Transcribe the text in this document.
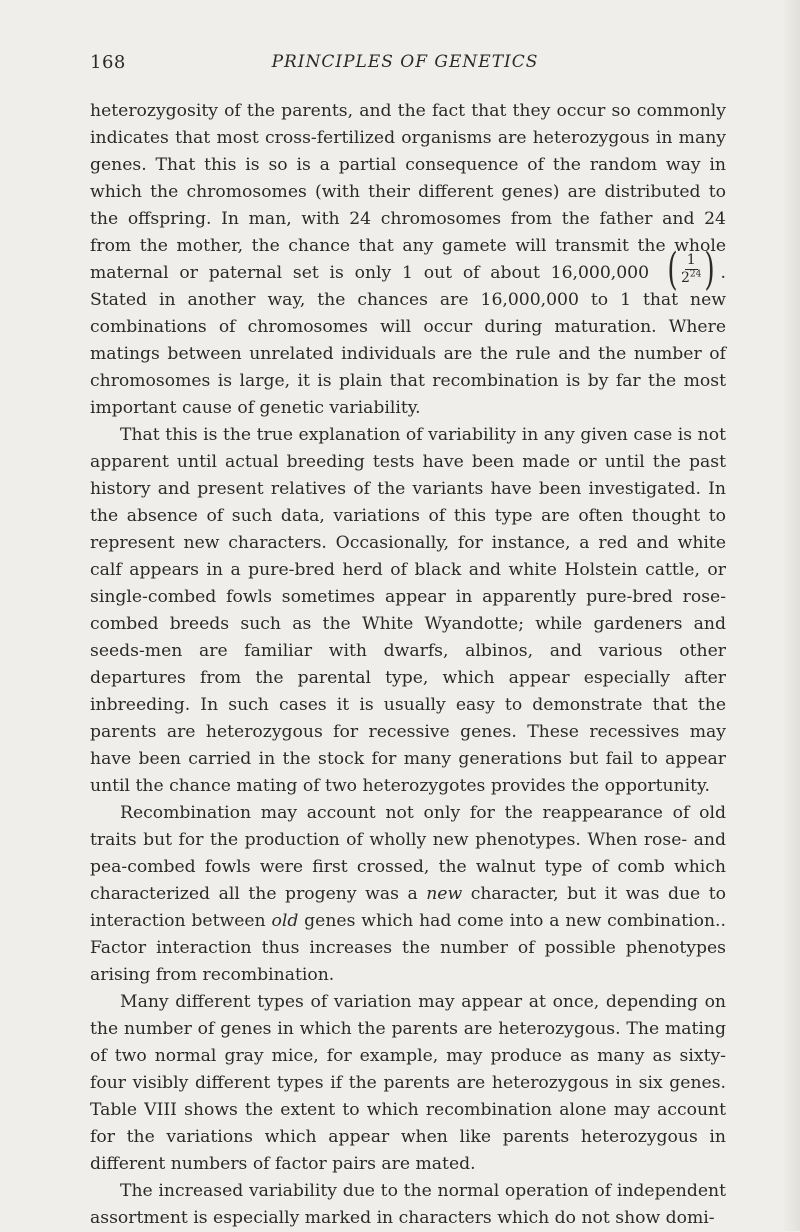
168	PRINCIPLES OF GENETICS

heterozygosity of the parents, and the fact that they occur so commonly indicates that most cross-fertilized organisms are heterozygous in many genes. That this is so is a partial consequence of the random way in which the chromosomes (with their different genes) are distributed to the offspring. In man, with 24 chromosomes from the father and 24 from the mother, the chance that any gamete will transmit the whole maternal or paternal set is only 1 out of about 16,000,000 ( $\frac{1}{2^{24}}$ ) . Stated in another way, the chances are 16,000,000 to 1 that new combinations of chromosomes will occur during maturation. Where matings between unrelated individuals are the rule and the number of chromosomes is large, it is plain that recombination is by far the most important cause of genetic variability.

That this is the true explanation of variability in any given case is not apparent until actual breeding tests have been made or until the past history and present relatives of the variants have been investigated. In the absence of such data, variations of this type are often thought to represent new characters. Occasionally, for instance, a red and white calf appears in a pure-bred herd of black and white Holstein cattle, or single-combed fowls sometimes appear in apparently pure-bred rose-combed breeds such as the White Wyandotte; while gardeners and seeds-men are familiar with dwarfs, albinos, and various other departures from the parental type, which appear especially after inbreeding. In such cases it is usually easy to demonstrate that the parents are heterozygous for recessive genes. These recessives may have been carried in the stock for many generations but fail to appear until the chance mating of two heterozygotes provides the opportunity.

Recombination may account not only for the reappearance of old traits but for the production of wholly new phenotypes. When rose- and pea-combed fowls were first crossed, the walnut type of comb which characterized all the progeny was a new character, but it was due to interaction between old genes which had come into a new combination.. Factor interaction thus increases the number of possible phenotypes arising from recombination.

Many different types of variation may appear at once, depending on the number of genes in which the parents are heterozygous. The mating of two normal gray mice, for example, may produce as many as sixty-four visibly different types if the parents are heterozygous in six genes. Table VIII shows the extent to which recombination alone may account for the variations which appear when like parents heterozygous in different numbers of factor pairs are mated.

The increased variability due to the normal operation of independent assortment is especially marked in characters which do not show domi-
